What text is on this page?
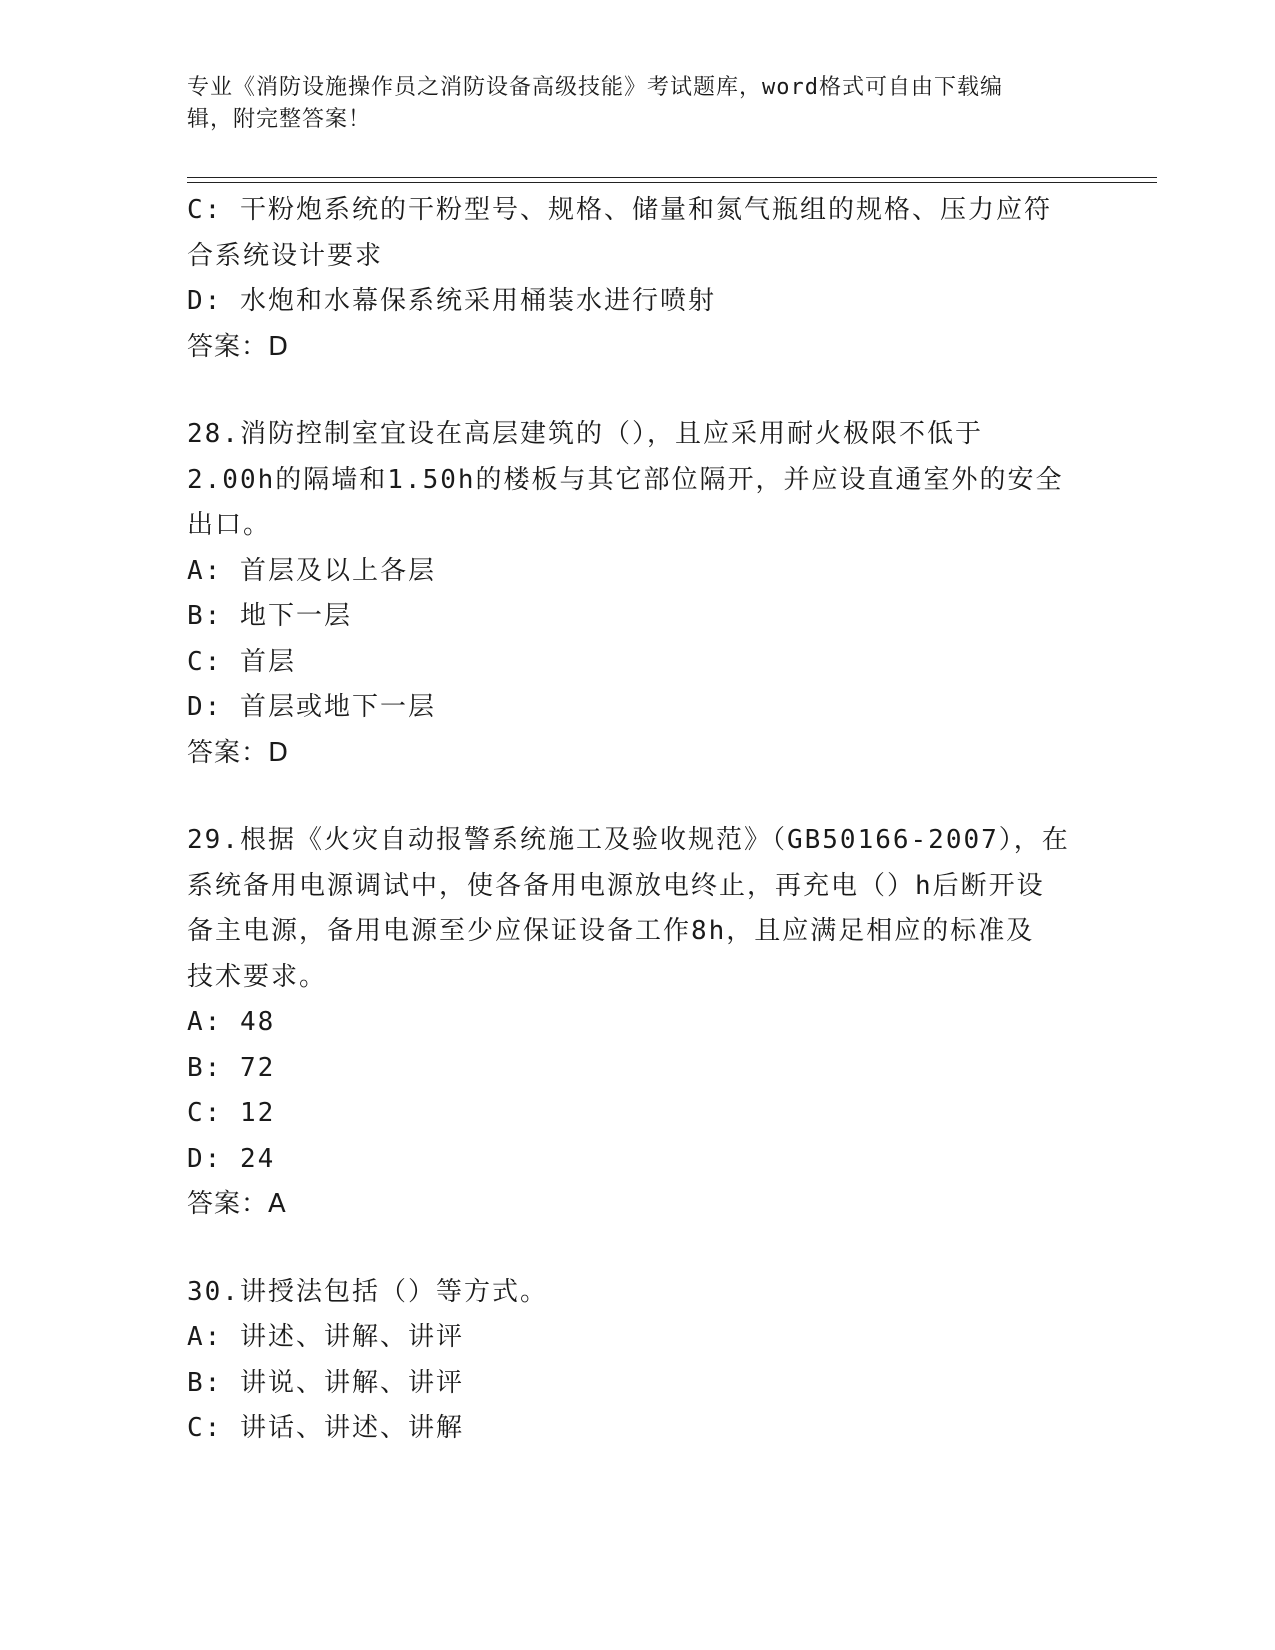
专业《消防设施操作员之消防设备高级技能》考试题库，word格式可自由下载编
辑，附完整答案！
C: 干粉炮系统的干粉型号、规格、储量和氮气瓶组的规格、压力应符
合系统设计要求
D: 水炮和水幕保系统采用桶装水进行喷射
答案：D
28.消防控制室宜设在高层建筑的（），且应采用耐火极限不低于
2.00h的隔墙和1.50h的楼板与其它部位隔开，并应设直通室外的安全
出口。
A: 首层及以上各层
B: 地下一层
C: 首层
D: 首层或地下一层
答案：D
29.根据《火灾自动报警系统施工及验收规范》（GB50166-2007），在
系统备用电源调试中，使各备用电源放电终止，再充电（）h后断开设
备主电源，备用电源至少应保证设备工作8h，且应满足相应的标准及
技术要求。
A: 48
B: 72
C: 12
D: 24
答案：A
30.讲授法包括（）等方式。
A: 讲述、讲解、讲评
B: 讲说、讲解、讲评
C: 讲话、讲述、讲解
